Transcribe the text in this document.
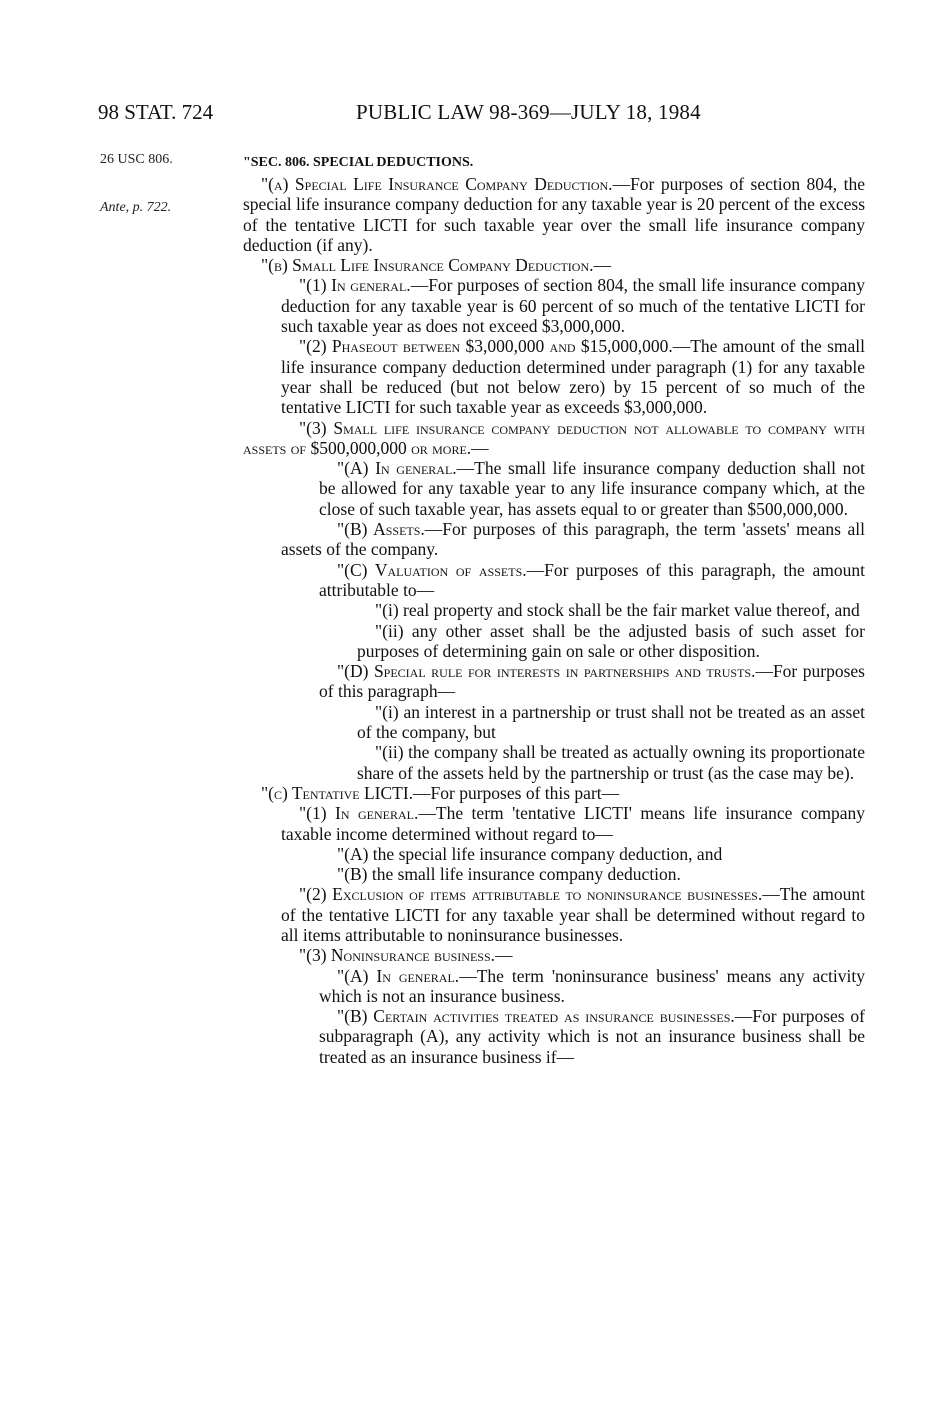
98 STAT. 724	PUBLIC LAW 98-369—JULY 18, 1984
26 USC 806.
Ante, p. 722.
"SEC. 806. SPECIAL DEDUCTIONS.
"(a) Special Life Insurance Company Deduction.—For purposes of section 804, the special life insurance company deduction for any taxable year is 20 percent of the excess of the tentative LICTI for such taxable year over the small life insurance company deduction (if any).
"(b) Small Life Insurance Company Deduction.—
"(1) In general.—For purposes of section 804, the small life insurance company deduction for any taxable year is 60 percent of so much of the tentative LICTI for such taxable year as does not exceed $3,000,000.
"(2) Phaseout between $3,000,000 and $15,000,000.—The amount of the small life insurance company deduction determined under paragraph (1) for any taxable year shall be reduced (but not below zero) by 15 percent of so much of the tentative LICTI for such taxable year as exceeds $3,000,000.
"(3) Small life insurance company deduction not allowable to company with assets of $500,000,000 or more.—
"(A) In general.—The small life insurance company deduction shall not be allowed for any taxable year to any life insurance company which, at the close of such taxable year, has assets equal to or greater than $500,000,000.
"(B) Assets.—For purposes of this paragraph, the term 'assets' means all assets of the company.
"(C) Valuation of assets.—For purposes of this paragraph, the amount attributable to—
"(i) real property and stock shall be the fair market value thereof, and
"(ii) any other asset shall be the adjusted basis of such asset for purposes of determining gain on sale or other disposition.
"(D) Special rule for interests in partnerships and trusts.—For purposes of this paragraph—
"(i) an interest in a partnership or trust shall not be treated as an asset of the company, but
"(ii) the company shall be treated as actually owning its proportionate share of the assets held by the partnership or trust (as the case may be).
"(c) Tentative LICTI.—For purposes of this part—
"(1) In general.—The term 'tentative LICTI' means life insurance company taxable income determined without regard to—
"(A) the special life insurance company deduction, and
"(B) the small life insurance company deduction.
"(2) Exclusion of items attributable to noninsurance businesses.—The amount of the tentative LICTI for any taxable year shall be determined without regard to all items attributable to noninsurance businesses.
"(3) Noninsurance business.—
"(A) In general.—The term 'noninsurance business' means any activity which is not an insurance business.
"(B) Certain activities treated as insurance businesses.—For purposes of subparagraph (A), any activity which is not an insurance business shall be treated as an insurance business if—
